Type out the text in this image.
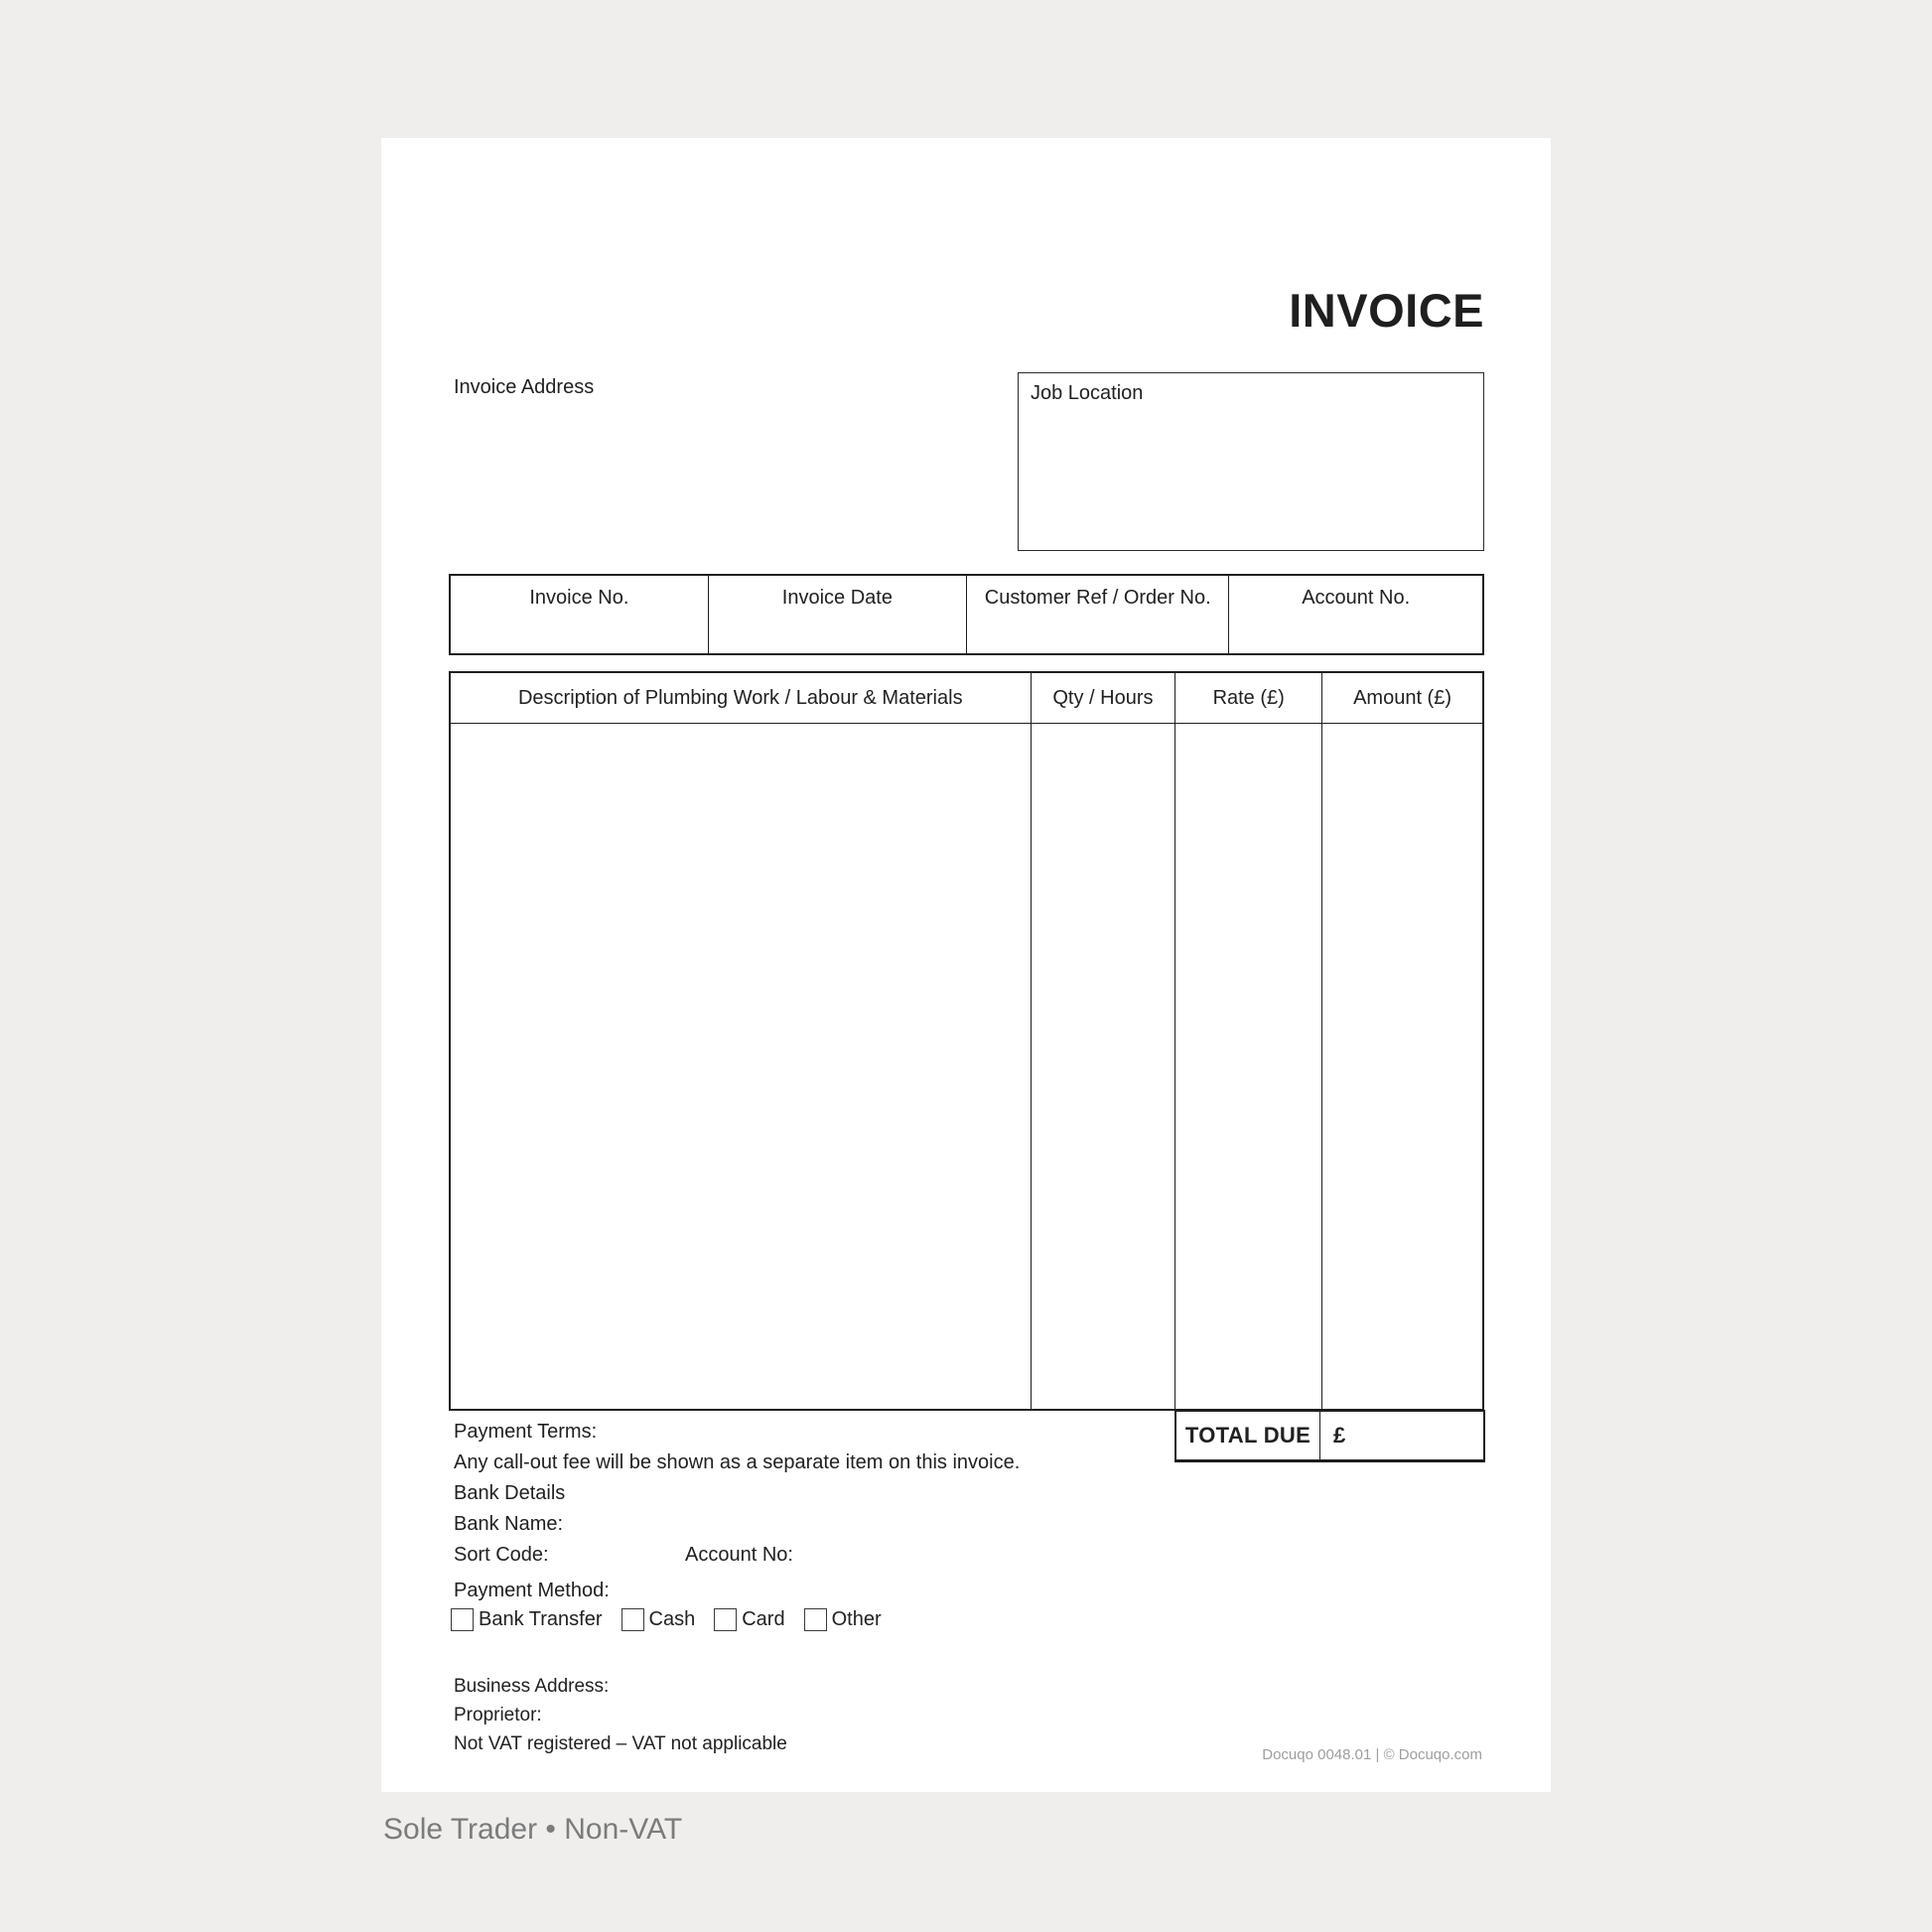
INVOICE
Invoice Address	Job Location
Invoice No.	Invoice Date	Customer Ref / Order No.	Account No.
Description of Plumbing Work / Labour & Materials	Qty / Hours	Rate (£)	Amount (£)

TOTAL DUE	£
Payment Terms:
Any call-out fee will be shown as a separate item on this invoice.
Bank Details
Bank Name:
Sort Code:	Account No:
Payment Method:
Bank Transfer Cash Card Other
Business Address:
Proprietor:
Not VAT registered – VAT not applicable
Docuqo 0048.01 | © Docuqo.com
Sole Trader • Non-VAT
